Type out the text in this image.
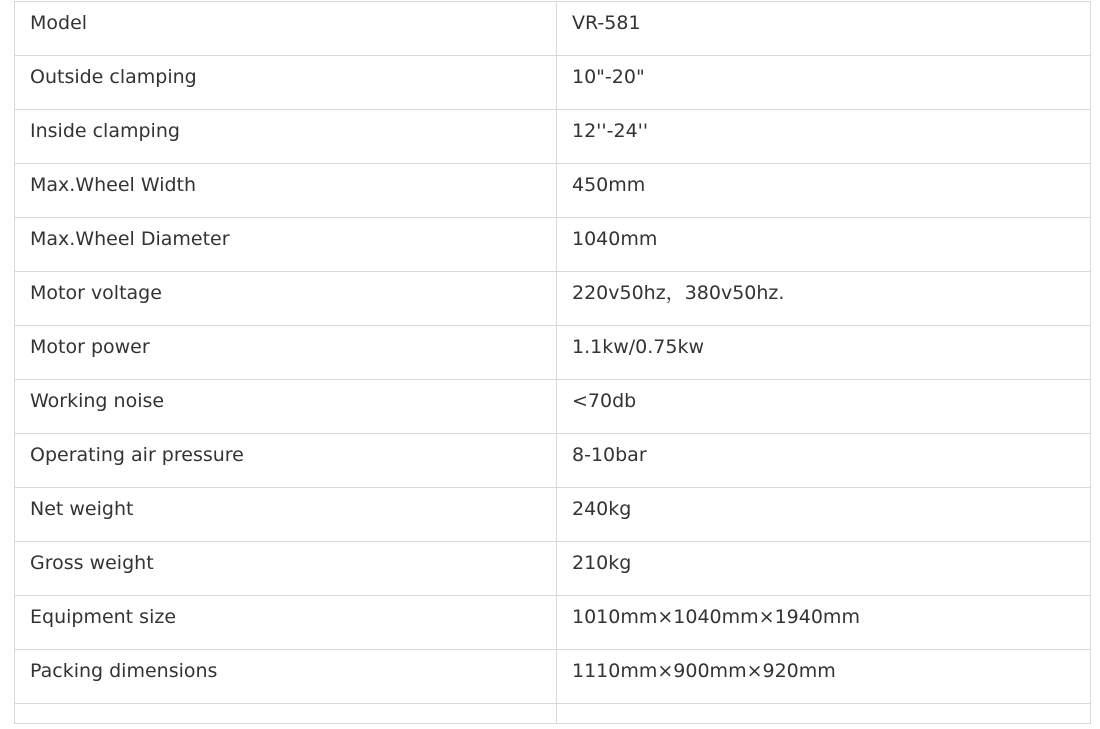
Model	VR-581

Outside clamping	10"-20"

Inside clamping	12''-24''

Max.Wheel Width	450mm

Max.Wheel Diameter	1040mm

Motor voltage	220v50hz，380v50hz.

Motor power	1.1kw/0.75kw

Working noise	<70db

Operating air pressure	8-10bar

Net weight	240kg

Gross weight	210kg

Equipment size	1010mm×1040mm×1940mm

Packing dimensions	1110mm×900mm×920mm
